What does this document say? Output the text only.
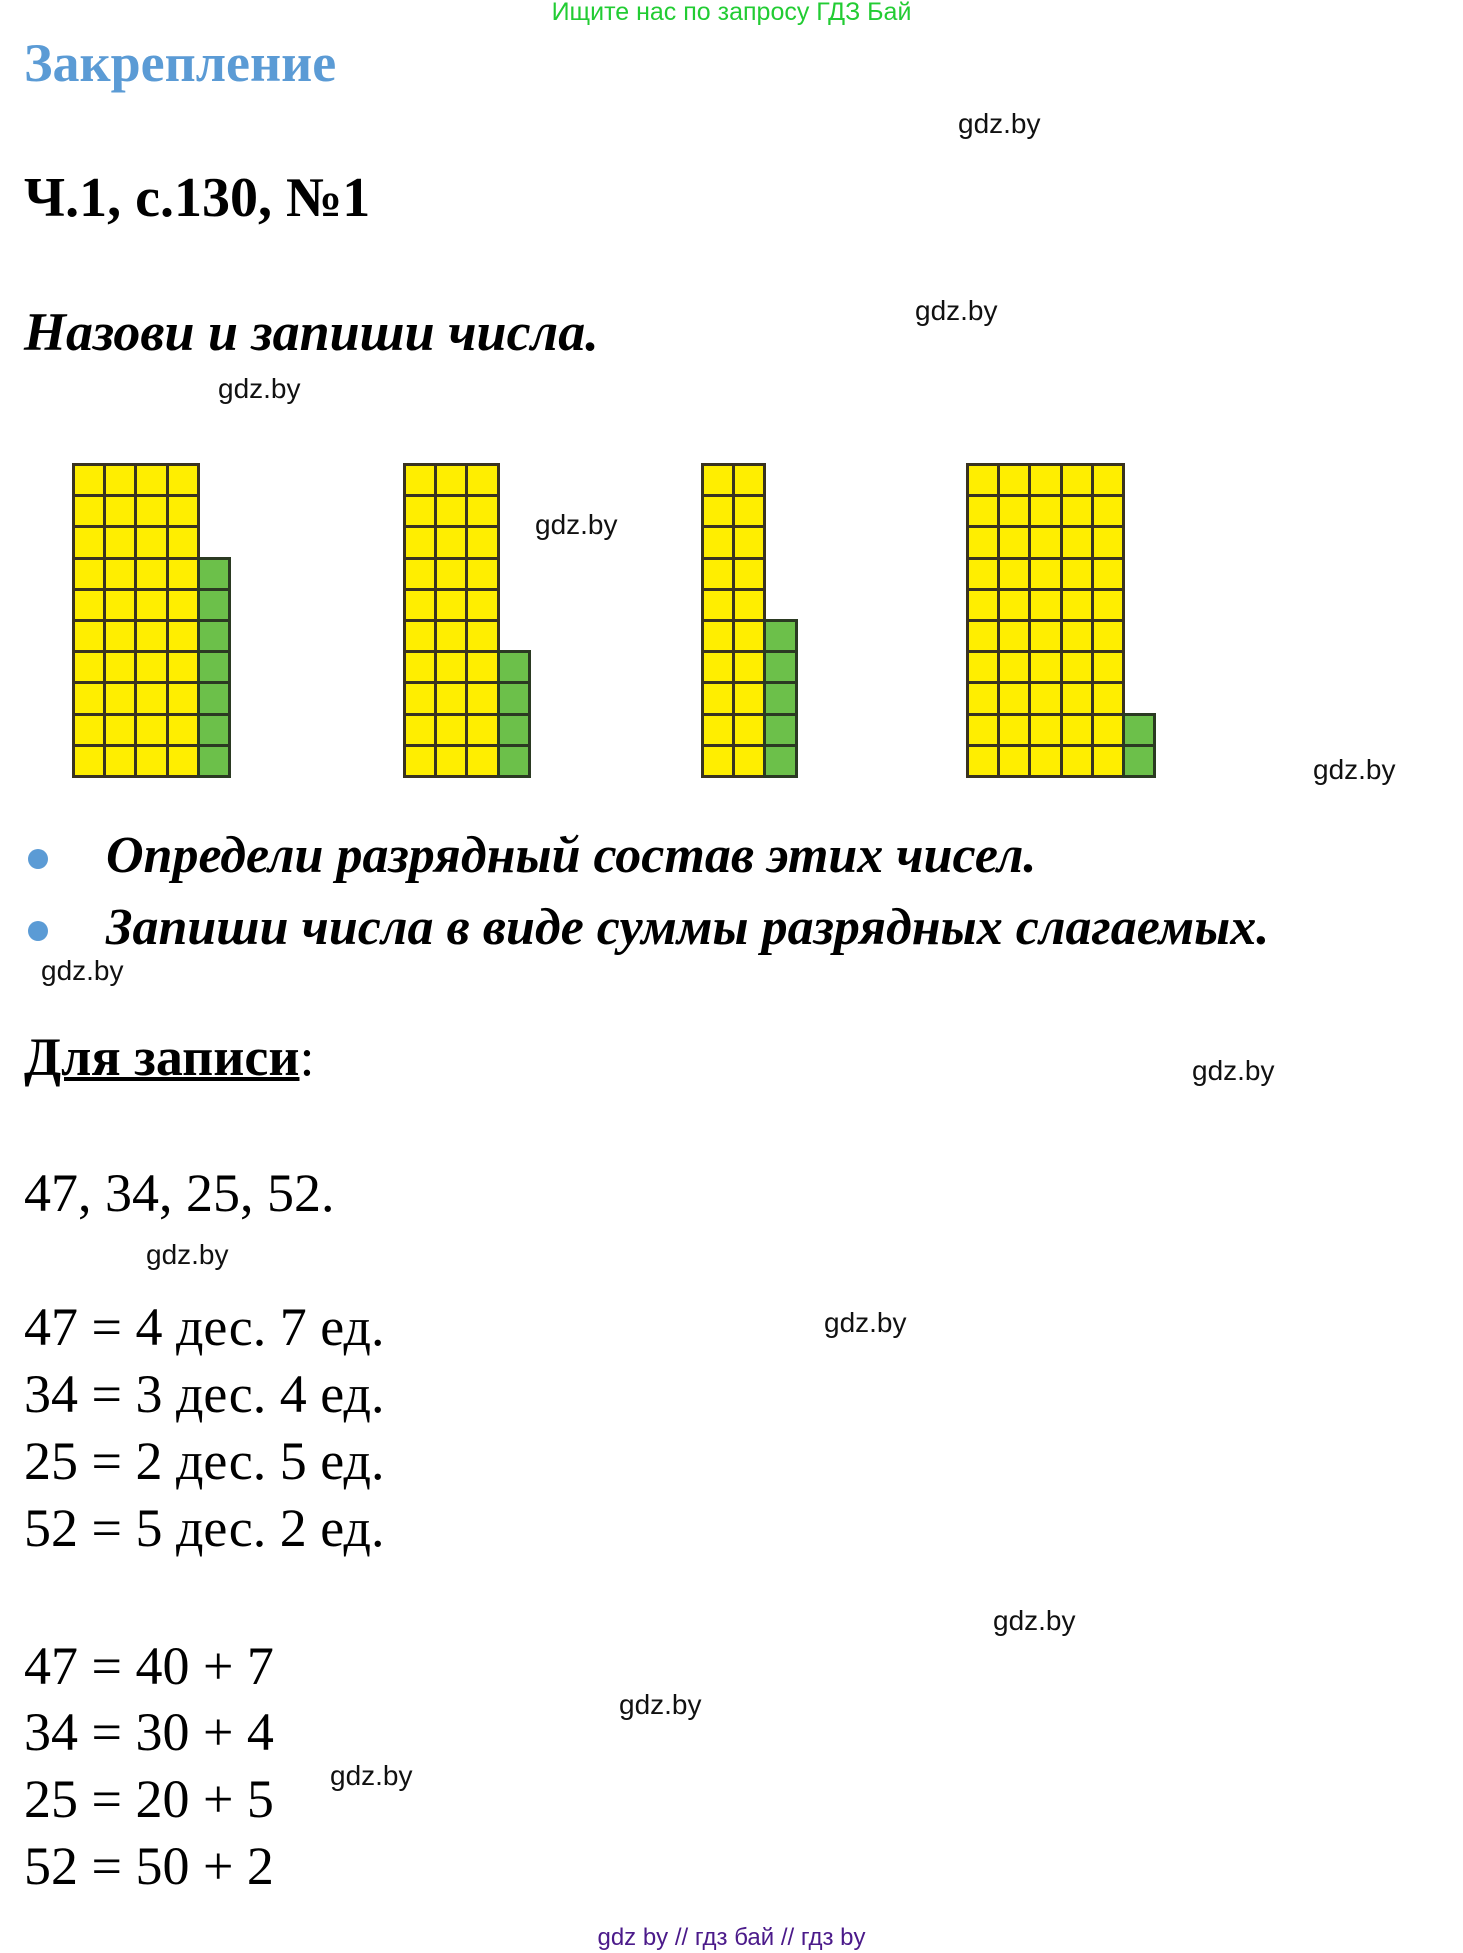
Ищите нас по запросу ГДЗ Бай
Закрепление
Ч.1, с.130, №1
Назови и запиши числа.
gdz.by
gdz.by
gdz.by
gdz.by
gdz.by
gdz.by
gdz.by
gdz.by
gdz.by
gdz.by
gdz.by
gdz.by
Определи разрядный состав этих чисел.
Запиши числа в виде суммы разрядных слагаемых.
Для записи:
47, 34, 25, 52.
47 = 4 дес. 7 ед.
34 = 3 дес. 4 ед.
25 = 2 дес. 5 ед.
52 = 5 дес. 2 ед.
47 = 40 + 7
34 = 30 + 4
25 = 20 + 5
52 = 50 + 2
gdz by // гдз бай // гдз by
